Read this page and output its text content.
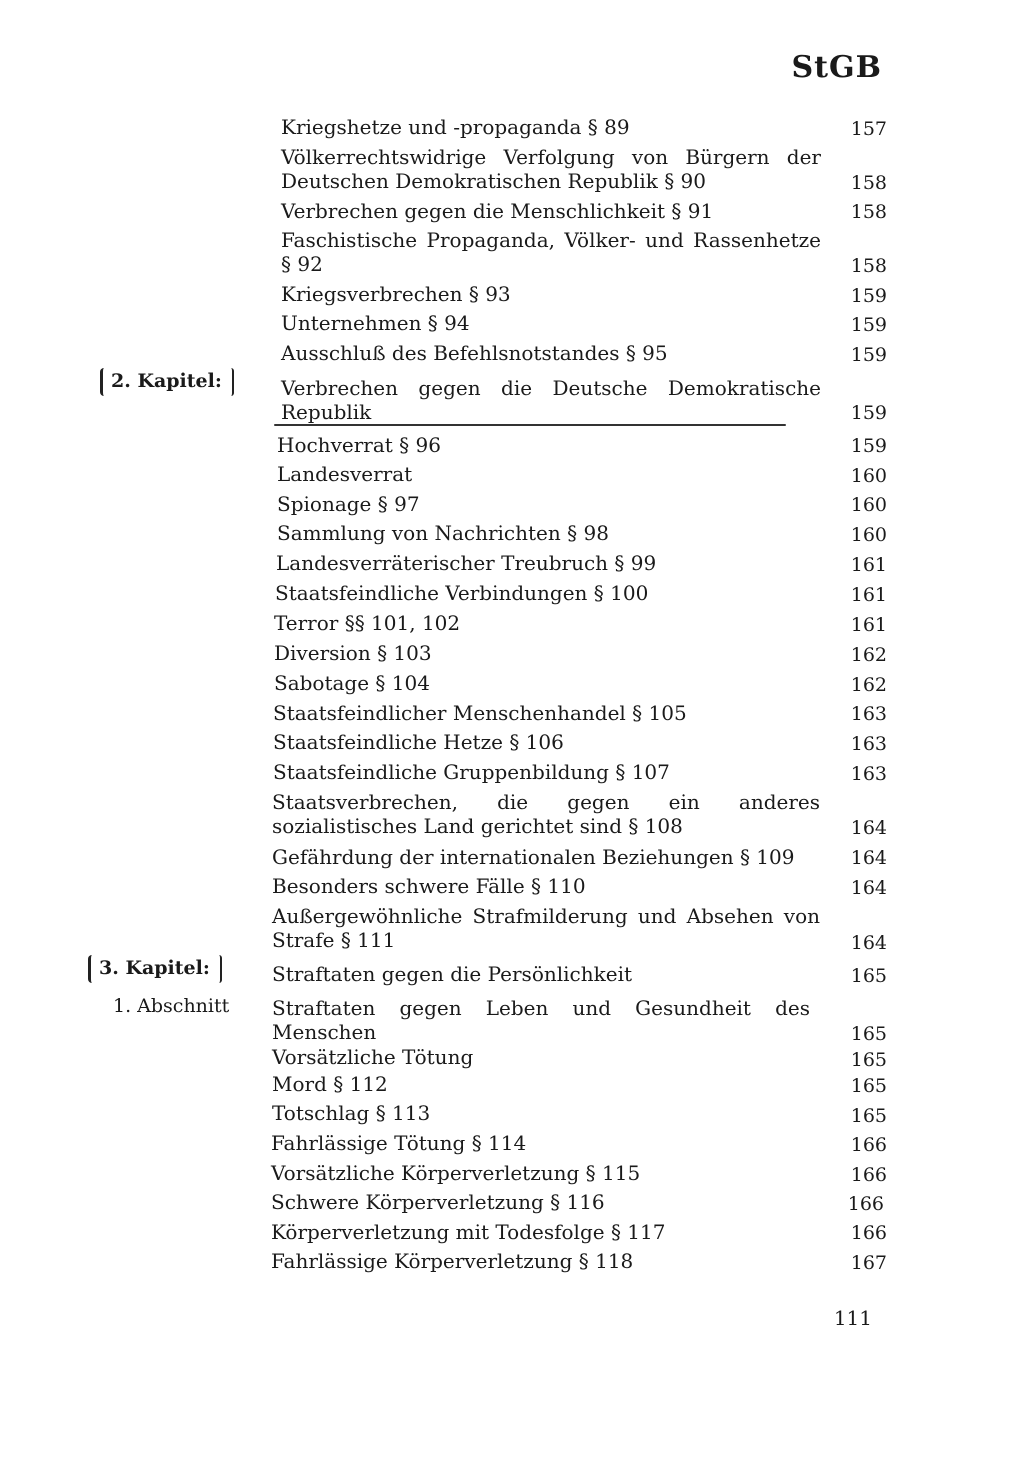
StGB
2. Kapitel:
3. Kapitel:
1. Abschnitt
Kriegshetze und -propaganda § 89	157
Völkerrechtswidrige Verfolgung von Bürgern der Deutschen Demokratischen Republik § 90	158
Verbrechen gegen die Menschlichkeit § 91	158
Faschistische Propaganda, Völker- und Rassenhetze § 92	158
Kriegsverbrechen § 93	159
Unternehmen § 94	159
Ausschluß des Befehlsnotstandes § 95	159
Verbrechen gegen die Deutsche Demokratische Republik	159
Hochverrat § 96	159
Landesverrat	160
Spionage § 97	160
Sammlung von Nachrichten § 98	160
Landesverräterischer Treubruch § 99	161
Staatsfeindliche Verbindungen § 100	161
Terror §§ 101, 102	161
Diversion § 103	162
Sabotage § 104	162
Staatsfeindlicher Menschenhandel § 105	163
Staatsfeindliche Hetze § 106	163
Staatsfeindliche Gruppenbildung § 107	163
Staatsverbrechen, die gegen ein anderes sozialistisches Land gerichtet sind § 108	164
Gefährdung der internationalen Beziehungen § 109	164
Besonders schwere Fälle § 110	164
Außergewöhnliche Strafmilderung und Absehen von Strafe § 111	164
Straftaten gegen die Persönlichkeit	165
Straftaten gegen Leben und Gesundheit des Menschen	165
Vorsätzliche Tötung	165
Mord § 112	165
Totschlag § 113	165
Fahrlässige Tötung § 114	166
Vorsätzliche Körperverletzung § 115	166
Schwere Körperverletzung § 116	166
Körperverletzung mit Todesfolge § 117	166
Fahrlässige Körperverletzung § 118	167
111
